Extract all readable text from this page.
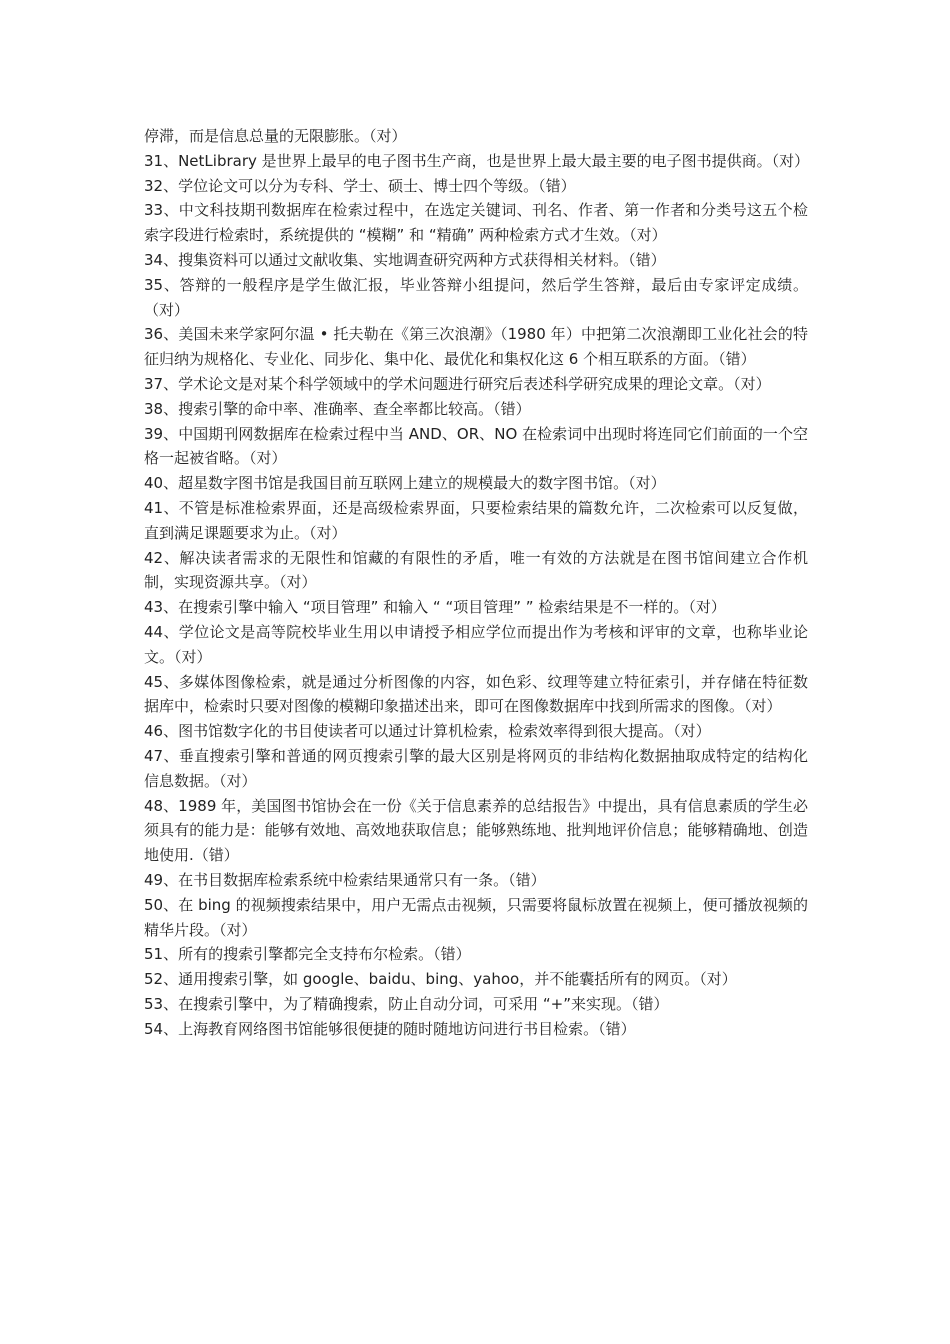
停滞，而是信息总量的无限膨胀。（对）

31、NetLibrary 是世界上最早的电子图书生产商，也是世界上最大最主要的电子图书提供商。（对）

32、学位论文可以分为专科、学士、硕士、博士四个等级。（错）

33、中文科技期刊数据库在检索过程中，在选定关键词、刊名、作者、第一作者和分类号这五个检索字段进行检索时，系统提供的 “模糊” 和 “精确” 两种检索方式才生效。（对）

34、搜集资料可以通过文献收集、实地调查研究两种方式获得相关材料。（错）

35、答辩的一般程序是学生做汇报，毕业答辩小组提问，然后学生答辩，最后由专家评定成绩。（对）

36、美国未来学家阿尔温 • 托夫勒在《第三次浪潮》（1980 年）中把第二次浪潮即工业化社会的特征归纳为规格化、专业化、同步化、集中化、最优化和集权化这 6 个相互联系的方面。（错）

37、学术论文是对某个科学领域中的学术问题进行研究后表述科学研究成果的理论文章。（对）

38、搜索引擎的命中率、准确率、查全率都比较高。（错）

39、中国期刊网数据库在检索过程中当 AND、OR、NO 在检索词中出现时将连同它们前面的一个空格一起被省略。（对）

40、超星数字图书馆是我国目前互联网上建立的规模最大的数字图书馆。（对）

41、不管是标准检索界面，还是高级检索界面，只要检索结果的篇数允许，二次检索可以反复做，直到满足课题要求为止。（对）

42、解决读者需求的无限性和馆藏的有限性的矛盾，唯一有效的方法就是在图书馆间建立合作机制，实现资源共享。（对）

43、在搜索引擎中输入 “项目管理” 和输入 “ “项目管理” ” 检索结果是不一样的。（对）

44、学位论文是高等院校毕业生用以申请授予相应学位而提出作为考核和评审的文章，也称毕业论文。（对）

45、多媒体图像检索，就是通过分析图像的内容，如色彩、纹理等建立特征索引，并存储在特征数据库中，检索时只要对图像的模糊印象描述出来，即可在图像数据库中找到所需求的图像。（对）

46、图书馆数字化的书目使读者可以通过计算机检索，检索效率得到很大提高。（对）

47、垂直搜索引擎和普通的网页搜索引擎的最大区别是将网页的非结构化数据抽取成特定的结构化信息数据。（对）

48、1989 年，美国图书馆协会在一份《关于信息素养的总结报告》中提出，具有信息素质的学生必须具有的能力是：能够有效地、高效地获取信息；能够熟练地、批判地评价信息；能够精确地、创造地使用.（错）

49、在书目数据库检索系统中检索结果通常只有一条。（错）

50、在 bing 的视频搜索结果中，用户无需点击视频，只需要将鼠标放置在视频上，便可播放视频的精华片段。（对）

51、所有的搜索引擎都完全支持布尔检索。（错）

52、通用搜索引擎，如 google、baidu、bing、yahoo，并不能囊括所有的网页。（对）

53、在搜索引擎中，为了精确搜索，防止自动分词，可采用 “+”来实现。（错）

54、上海教育网络图书馆能够很便捷的随时随地访问进行书目检索。（错）
